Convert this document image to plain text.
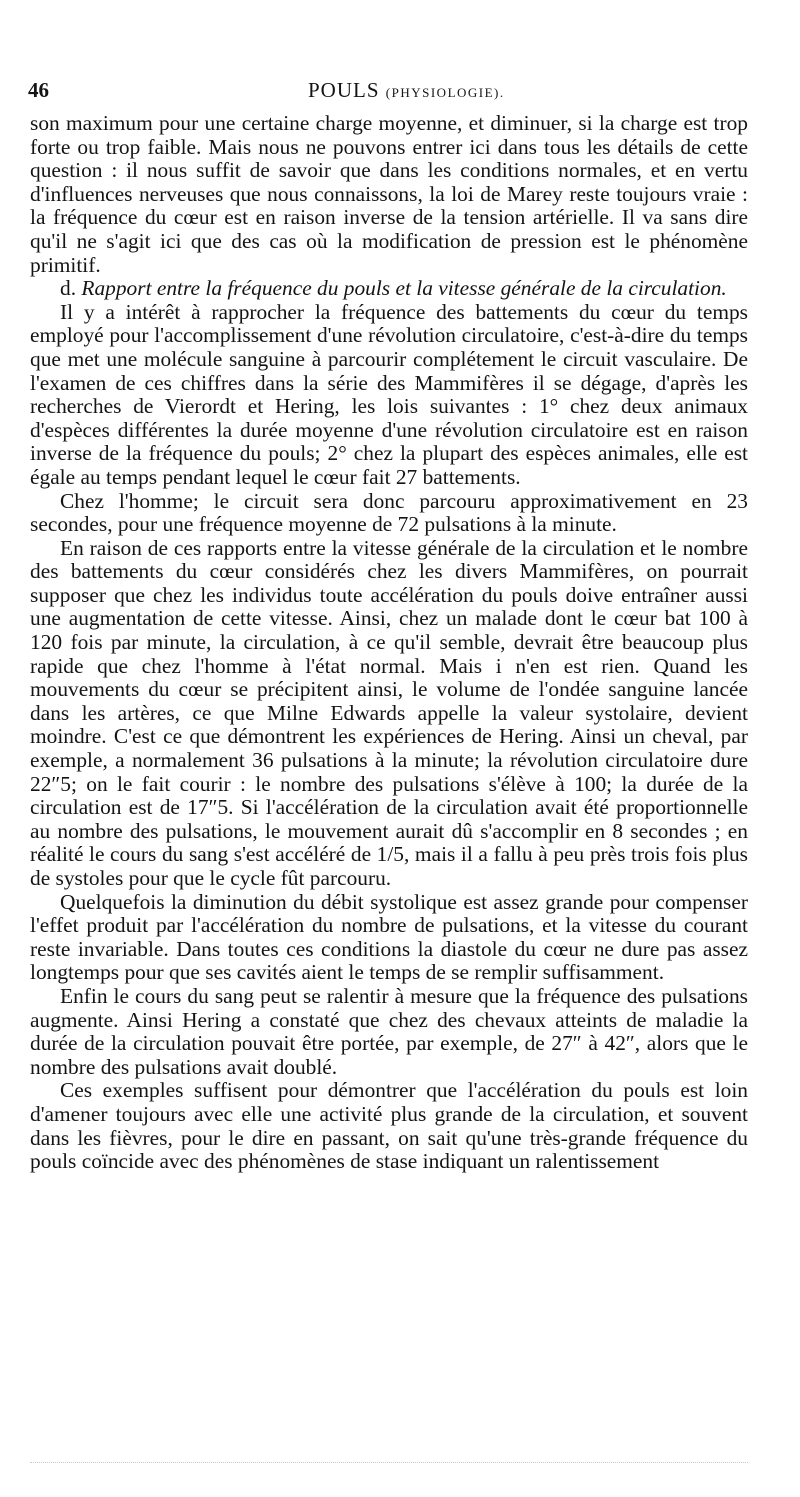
46	POULS (PHYSIOLOGIE).

son maximum pour une certaine charge moyenne, et diminuer, si la charge est trop forte ou trop faible. Mais nous ne pouvons entrer ici dans tous les détails de cette question : il nous suffit de savoir que dans les conditions normales, et en vertu d'influences nerveuses que nous connaissons, la loi de Marey reste toujours vraie : la fréquence du cœur est en raison inverse de la tension artérielle. Il va sans dire qu'il ne s'agit ici que des cas où la modification de pression est le phénomène primitif.

d. Rapport entre la fréquence du pouls et la vitesse générale de la circulation.

Il y a intérêt à rapprocher la fréquence des battements du cœur du temps employé pour l'accomplissement d'une révolution circulatoire, c'est-à-dire du temps que met une molécule sanguine à parcourir complétement le circuit vasculaire. De l'examen de ces chiffres dans la série des Mammifères il se dégage, d'après les recherches de Vierordt et Hering, les lois suivantes : 1° chez deux animaux d'espèces différentes la durée moyenne d'une révolution circulatoire est en raison inverse de la fréquence du pouls; 2° chez la plupart des espèces animales, elle est égale au temps pendant lequel le cœur fait 27 battements.

Chez l'homme; le circuit sera donc parcouru approximativement en 23 secondes, pour une fréquence moyenne de 72 pulsations à la minute.

En raison de ces rapports entre la vitesse générale de la circulation et le nombre des battements du cœur considérés chez les divers Mammifères, on pourrait supposer que chez les individus toute accélération du pouls doive entraîner aussi une augmentation de cette vitesse. Ainsi, chez un malade dont le cœur bat 100 à 120 fois par minute, la circulation, à ce qu'il semble, devrait être beaucoup plus rapide que chez l'homme à l'état normal. Mais i n'en est rien. Quand les mouvements du cœur se précipitent ainsi, le volume de l'ondée sanguine lancée dans les artères, ce que Milne Edwards appelle la valeur systolaire, devient moindre. C'est ce que démontrent les expériences de Hering. Ainsi un cheval, par exemple, a normalement 36 pulsations à la minute; la révolution circulatoire dure 22″5; on le fait courir : le nombre des pulsations s'élève à 100; la durée de la circulation est de 17″5. Si l'accélération de la circulation avait été proportionnelle au nombre des pulsations, le mouvement aurait dû s'accomplir en 8 secondes ; en réalité le cours du sang s'est accéléré de 1/5, mais il a fallu à peu près trois fois plus de systoles pour que le cycle fût parcouru.

Quelquefois la diminution du débit systolique est assez grande pour compenser l'effet produit par l'accélération du nombre de pulsations, et la vitesse du courant reste invariable. Dans toutes ces conditions la diastole du cœur ne dure pas assez longtemps pour que ses cavités aient le temps de se remplir suffisamment.

Enfin le cours du sang peut se ralentir à mesure que la fréquence des pulsations augmente. Ainsi Hering a constaté que chez des chevaux atteints de maladie la durée de la circulation pouvait être portée, par exemple, de 27″ à 42″, alors que le nombre des pulsations avait doublé.

Ces exemples suffisent pour démontrer que l'accélération du pouls est loin d'amener toujours avec elle une activité plus grande de la circulation, et souvent dans les fièvres, pour le dire en passant, on sait qu'une très-grande fréquence du pouls coïncide avec des phénomènes de stase indiquant un ralentissement
